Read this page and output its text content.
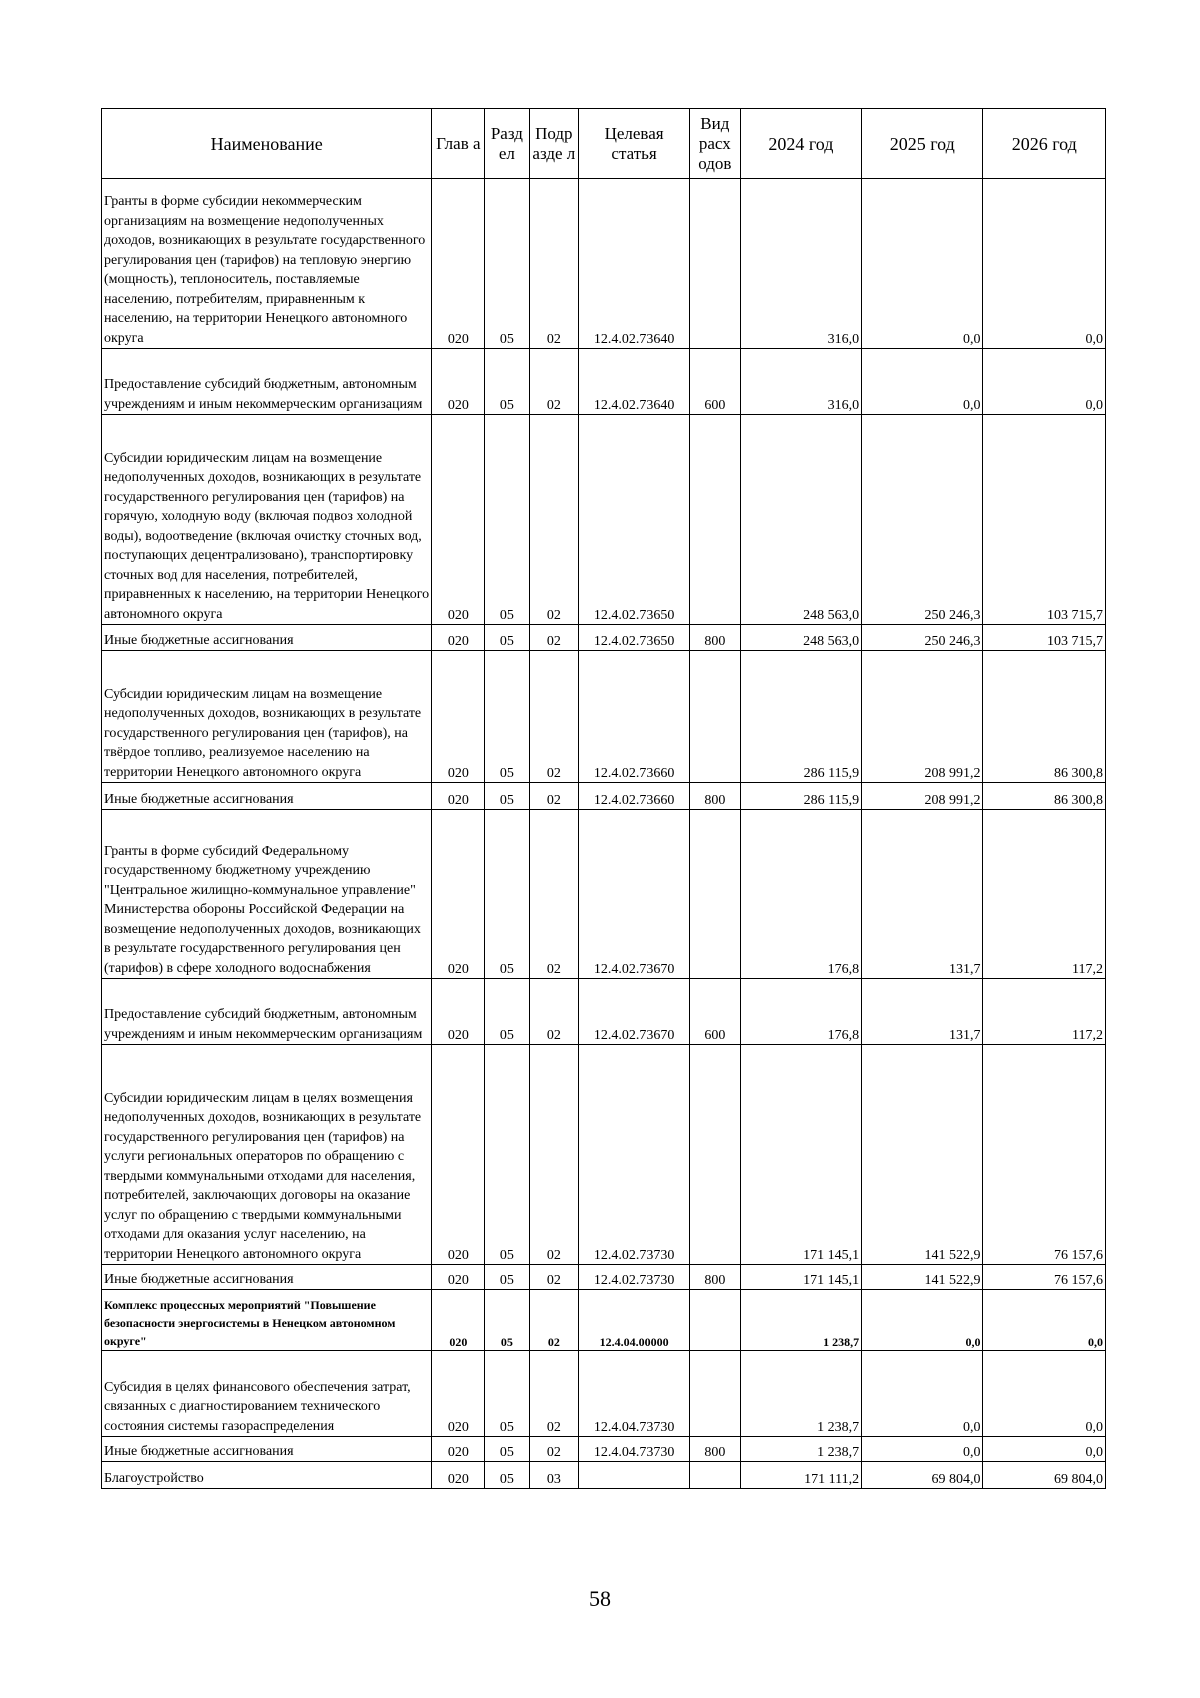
Наименование	Глав а	Разд ел	Подр азде л	Целевая статья	Вид расх одов	2024 год	2025 год	2026 год
Гранты в форме субсидии некоммерческим организациям на возмещение недополученных доходов, возникающих в результате государственного регулирования цен (тарифов) на тепловую энергию (мощность), теплоноситель, поставляемые населению, потребителям, приравненным к населению, на территории Ненецкого автономного округа	020	05	02	12.4.02.73640		316,0	0,0	0,0
Предоставление субсидий бюджетным, автономным учреждениям и иным некоммерческим организациям	020	05	02	12.4.02.73640	600	316,0	0,0	0,0
Субсидии юридическим лицам на возмещение недополученных доходов, возникающих в результате государственного регулирования цен (тарифов) на горячую, холодную воду (включая подвоз холодной воды), водоотведение (включая очистку сточных вод, поступающих децентрализовано), транспортировку сточных вод для населения, потребителей, приравненных к населению, на территории Ненецкого автономного округа	020	05	02	12.4.02.73650		248 563,0	250 246,3	103 715,7
Иные бюджетные ассигнования	020	05	02	12.4.02.73650	800	248 563,0	250 246,3	103 715,7
Субсидии юридическим лицам на возмещение недополученных доходов, возникающих в результате государственного регулирования цен (тарифов), на твёрдое топливо, реализуемое населению на территории Ненецкого автономного округа	020	05	02	12.4.02.73660		286 115,9	208 991,2	86 300,8
Иные бюджетные ассигнования	020	05	02	12.4.02.73660	800	286 115,9	208 991,2	86 300,8
Гранты в форме субсидий Федеральному государственному бюджетному учреждению "Центральное жилищно-коммунальное управление" Министерства обороны Российской Федерации на возмещение недополученных доходов, возникающих в результате государственного регулирования цен (тарифов) в сфере холодного водоснабжения	020	05	02	12.4.02.73670		176,8	131,7	117,2
Предоставление субсидий бюджетным, автономным учреждениям и иным некоммерческим организациям	020	05	02	12.4.02.73670	600	176,8	131,7	117,2
Субсидии юридическим лицам в целях возмещения недополученных доходов, возникающих в результате государственного регулирования цен (тарифов) на услуги региональных операторов по обращению с твердыми коммунальными отходами для населения, потребителей, заключающих договоры на оказание услуг по обращению с твердыми коммунальными отходами для оказания услуг населению, на территории Ненецкого автономного округа	020	05	02	12.4.02.73730		171 145,1	141 522,9	76 157,6
Иные бюджетные ассигнования	020	05	02	12.4.02.73730	800	171 145,1	141 522,9	76 157,6
Комплекс процессных мероприятий "Повышение безопасности энергосистемы в Ненецком автономном округе"	020	05	02	12.4.04.00000		1 238,7	0,0	0,0
Субсидия в целях финансового обеспечения затрат, связанных с диагностированием технического состояния системы газораспределения	020	05	02	12.4.04.73730		1 238,7	0,0	0,0
Иные бюджетные ассигнования	020	05	02	12.4.04.73730	800	1 238,7	0,0	0,0
Благоустройство	020	05	03			171 111,2	69 804,0	69 804,0
58
